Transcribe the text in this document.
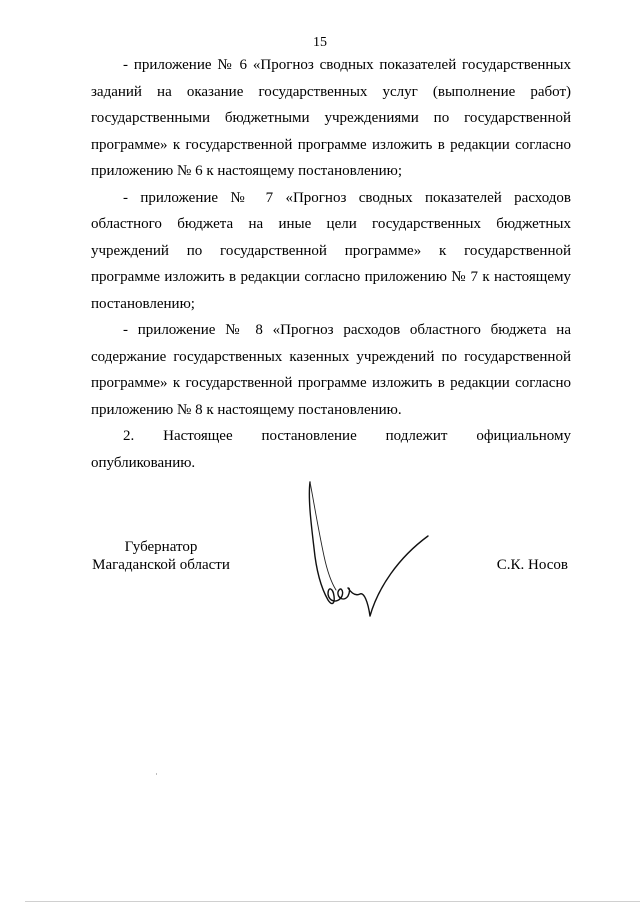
15

- приложение № 6 «Прогноз сводных показателей государственных заданий на оказание государственных услуг (выполнение работ) государственными бюджетными учреждениями по государственной программе» к государственной программе изложить в редакции согласно приложению № 6 к настоящему постановлению;

- приложение № 7 «Прогноз сводных показателей расходов областного бюджета на иные цели государственных бюджетных учреждений по государственной программе» к государственной программе изложить в редакции согласно приложению № 7 к настоящему постановлению;

- приложение № 8 «Прогноз расходов областного бюджета на содержание государственных казенных учреждений по государственной программе» к государственной программе изложить в редакции согласно приложению № 8 к настоящему постановлению.

2. Настоящее постановление подлежит официальному опубликованию.

Губернатор
Магаданской области	С.К. Носов
